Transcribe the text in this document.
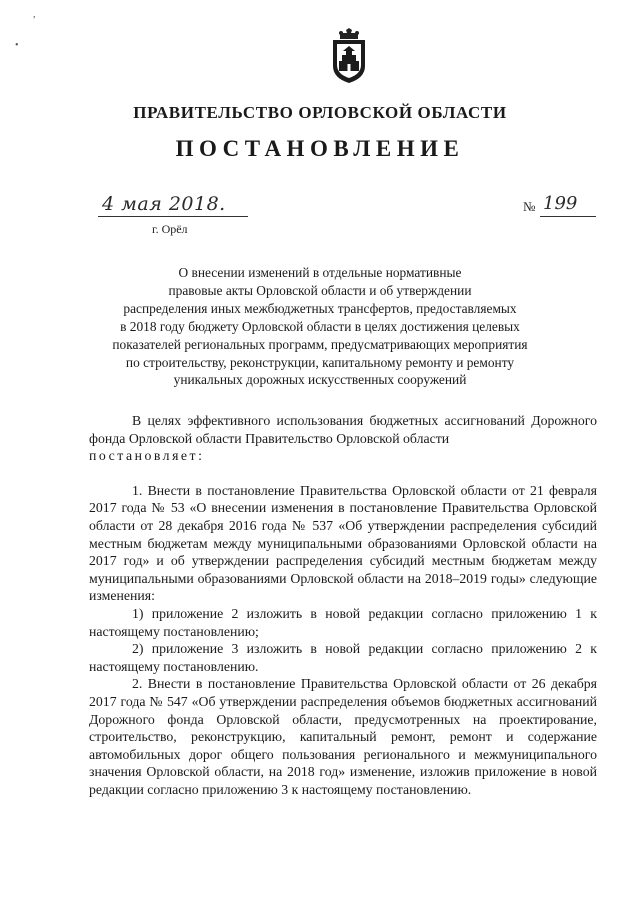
,
•
ПРАВИТЕЛЬСТВО ОРЛОВСКОЙ ОБЛАСТИ
ПОСТАНОВЛЕНИЕ
4 мая 2018.
г. Орёл
№ 199
О внесении изменений в отдельные нормативные
правовые акты Орловской области и об утверждении
распределения иных межбюджетных трансфертов, предоставляемых
в 2018 году бюджету Орловской области в целях достижения целевых
показателей региональных программ, предусматривающих мероприятия
по строительству, реконструкции, капитальному ремонту и ремонту
уникальных дорожных искусственных сооружений

В целях эффективного использования бюджетных ассигнований Дорожного фонда Орловской области Правительство Орловской области

постановляет:

1. Внести в постановление Правительства Орловской области от 21 февраля 2017 года № 53 «О внесении изменения в постановление Правительства Орловской области от 28 декабря 2016 года № 537 «Об утверждении распределения субсидий местным бюджетам между муниципальными образованиями Орловской области на 2017 год» и об утверждении распределения субсидий местным бюджетам между муниципальными образованиями Орловской области на 2018–2019 годы» следующие изменения:

1) приложение 2 изложить в новой редакции согласно приложению 1 к настоящему постановлению;

2) приложение 3 изложить в новой редакции согласно приложению 2 к настоящему постановлению.

2. Внести в постановление Правительства Орловской области от 26 декабря 2017 года № 547 «Об утверждении распределения объемов бюджетных ассигнований Дорожного фонда Орловской области, предусмотренных на проектирование, строительство, реконструкцию, капитальный ремонт, ремонт и содержание автомобильных дорог общего пользования регионального и межмуниципального значения Орловской области, на 2018 год» изменение, изложив приложение в новой редакции согласно приложению 3 к настоящему постановлению.
